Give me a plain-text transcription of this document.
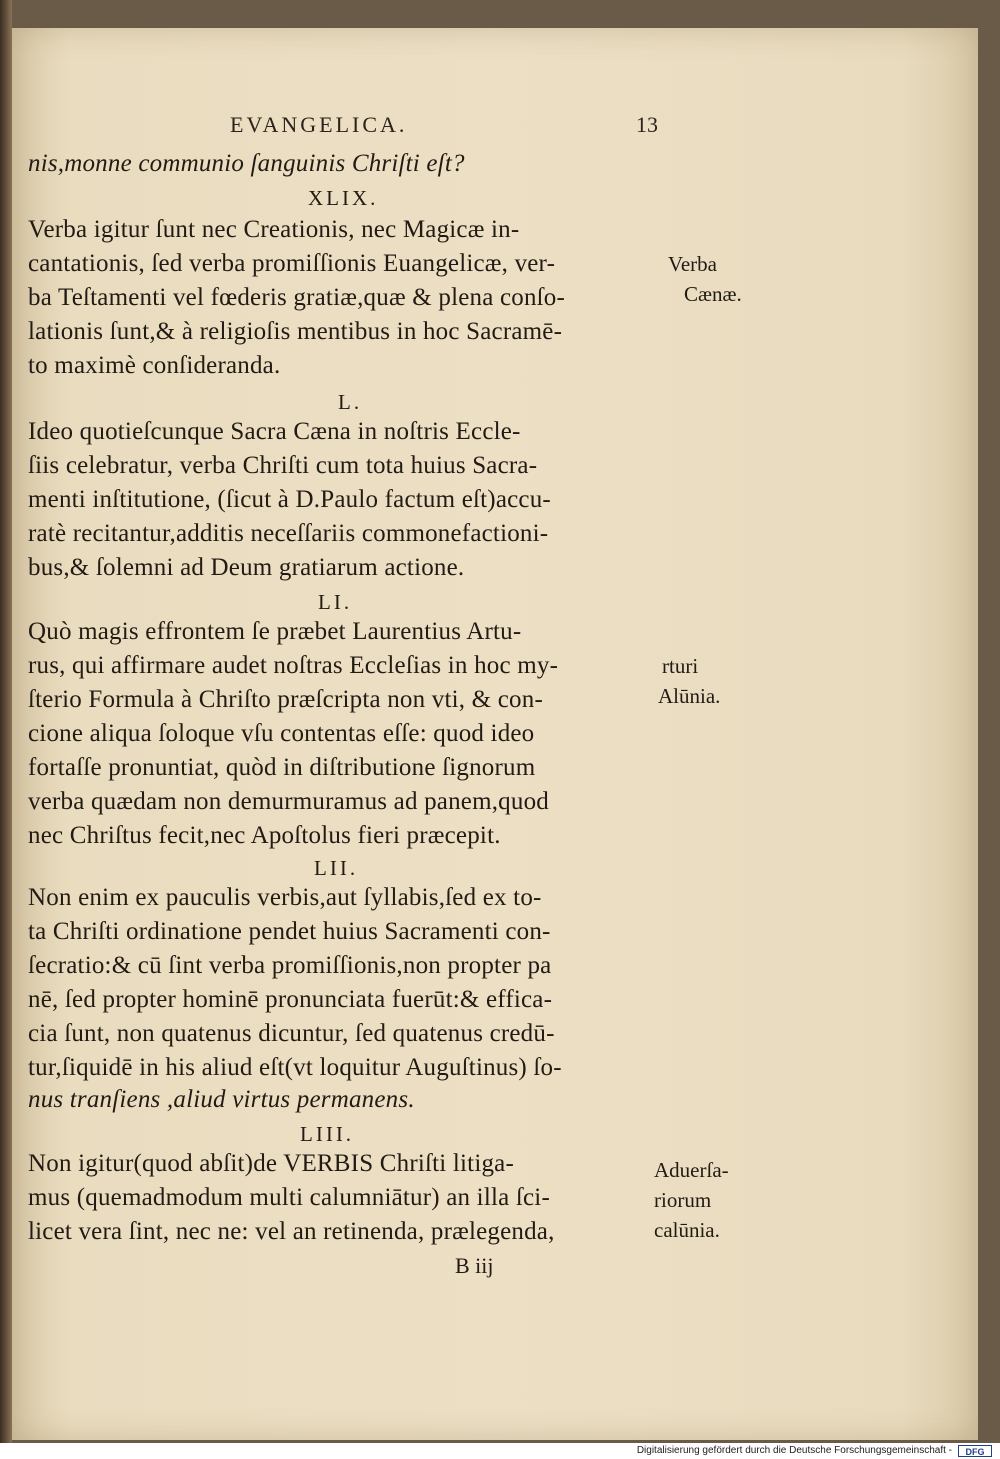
EVANGELICA.	13
nis,monne communio ſanguinis Chriſti eſt?
XLIX.
Verba igitur ſunt nec Creationis, nec Magicæ in-
cantationis, ſed verba promiſſionis Euangelicæ, ver-
ba Teſtamenti vel fœderis gratiæ,quæ & plena conſo-
lationis ſunt,& à religioſis mentibus in hoc Sacramē-
to maximè conſideranda.
L.
Ideo quotieſcunque Sacra Cæna in noſtris Eccle-
ſiis celebratur, verba Chriſti cum tota huius Sacra-
menti inſtitutione, (ſicut à D.Paulo factum eſt)accu-
ratè recitantur,additis neceſſariis commonefactioni-
bus,& ſolemni ad Deum gratiarum actione.
LI.
Quò magis effrontem ſe præbet Laurentius Artu-
rus, qui affirmare audet noſtras Eccleſias in hoc my-
ſterio Formula à Chriſto præſcripta non vti, & con-
cione aliqua ſoloque vſu contentas eſſe: quod ideo
fortaſſe pronuntiat, quòd in diſtributione ſignorum
verba quædam non demurmuramus ad panem,quod
nec Chriſtus fecit,nec Apoſtolus fieri præcepit.
LII.
Non enim ex pauculis verbis,aut ſyllabis,ſed ex to-
ta Chriſti ordinatione pendet huius Sacramenti con-
ſecratio:& cū ſint verba promiſſionis,non propter pa
nē, ſed propter hominē pronunciata fuerūt:& effica-
cia ſunt, non quatenus dicuntur, ſed quatenus credū-
tur,ſiquidē in his aliud eſt(vt loquitur Auguſtinus) ſo-
nus tranſiens ,aliud virtus permanens.
LIII.
Non igitur(quod abſit)de VERBIS Chriſti litiga-
mus (quemadmodum multi calumniātur) an illa ſci-
licet vera ſint, nec ne: vel an retinenda, prælegenda,
Verba
Cænæ.
rturi
Alūnia.
Aduerſa-
riorum
calūnia.
B iij
Digitalisierung gefördert durch die Deutsche Forschungsgemeinschaft -	DFG
